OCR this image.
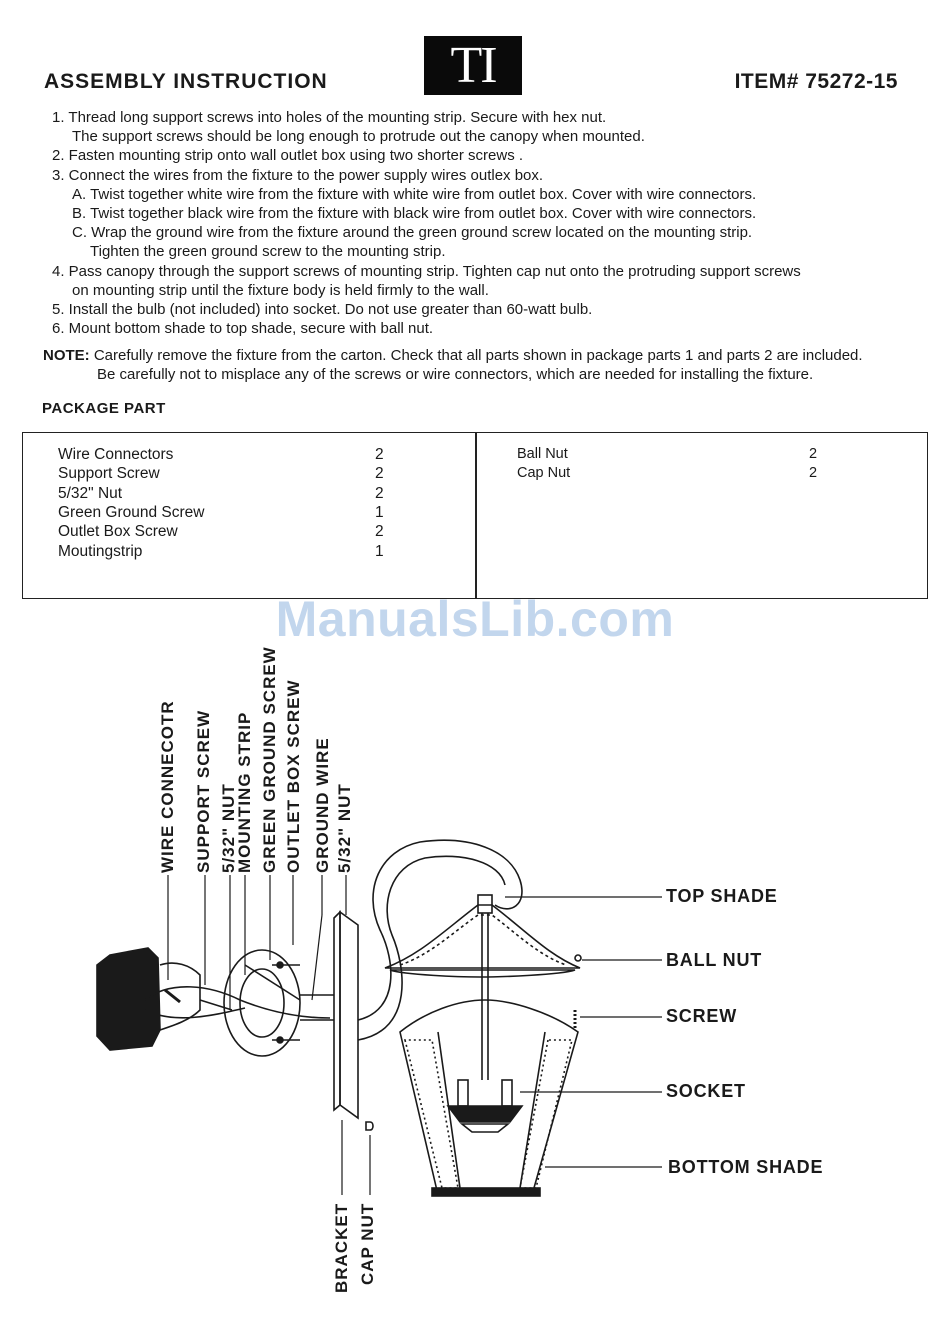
ASSEMBLY INSTRUCTION	TI	ITEM# 75272-15
1. Thread long support screws into holes of the mounting strip. Secure with hex nut.
The support screws should be long enough to protrude out the canopy when mounted.
2. Fasten mounting strip onto wall outlet box using two shorter screws .
3. Connect the wires from the fixture to the power supply wires outlex box.
A. Twist together white wire from the fixture with white wire from outlet box. Cover with wire connectors.
B. Twist together black wire from the fixture with black wire from outlet box. Cover with wire connectors.
C. Wrap the ground wire from the fixture around the green ground screw located on the mounting strip.
Tighten the green ground screw to the mounting strip.
4. Pass canopy through the support screws of mounting strip. Tighten cap nut onto the protruding support screws
on mounting strip until the fixture body is held firmly to the wall.
5. Install the bulb (not included) into socket. Do not use greater than 60-watt bulb.
6. Mount bottom shade to top shade, secure with ball nut.
NOTE: Carefully remove the fixture from the carton. Check that all parts shown in package parts 1 and parts 2 are included.
Be carefully not to misplace any of the screws or wire connectors, which are needed for installing the fixture.
PACKAGE PART
Wire Connectors	2
Support Screw	2
5/32" Nut	2
Green Ground Screw	1
Outlet Box Screw	2
Moutingstrip	1
Ball Nut	2
Cap Nut	2
ManualsLib.com
WIRE CONNECOTR SUPPORT SCREW 5/32" NUT
MOUNTING STRIP GREEN GROUND SCREW OUTLET BOX SCREW GROUND WIRE 5/32" NUT
BRACKET CAP NUT
TOP SHADE
BALL NUT
SCREW
SOCKET
BOTTOM SHADE
